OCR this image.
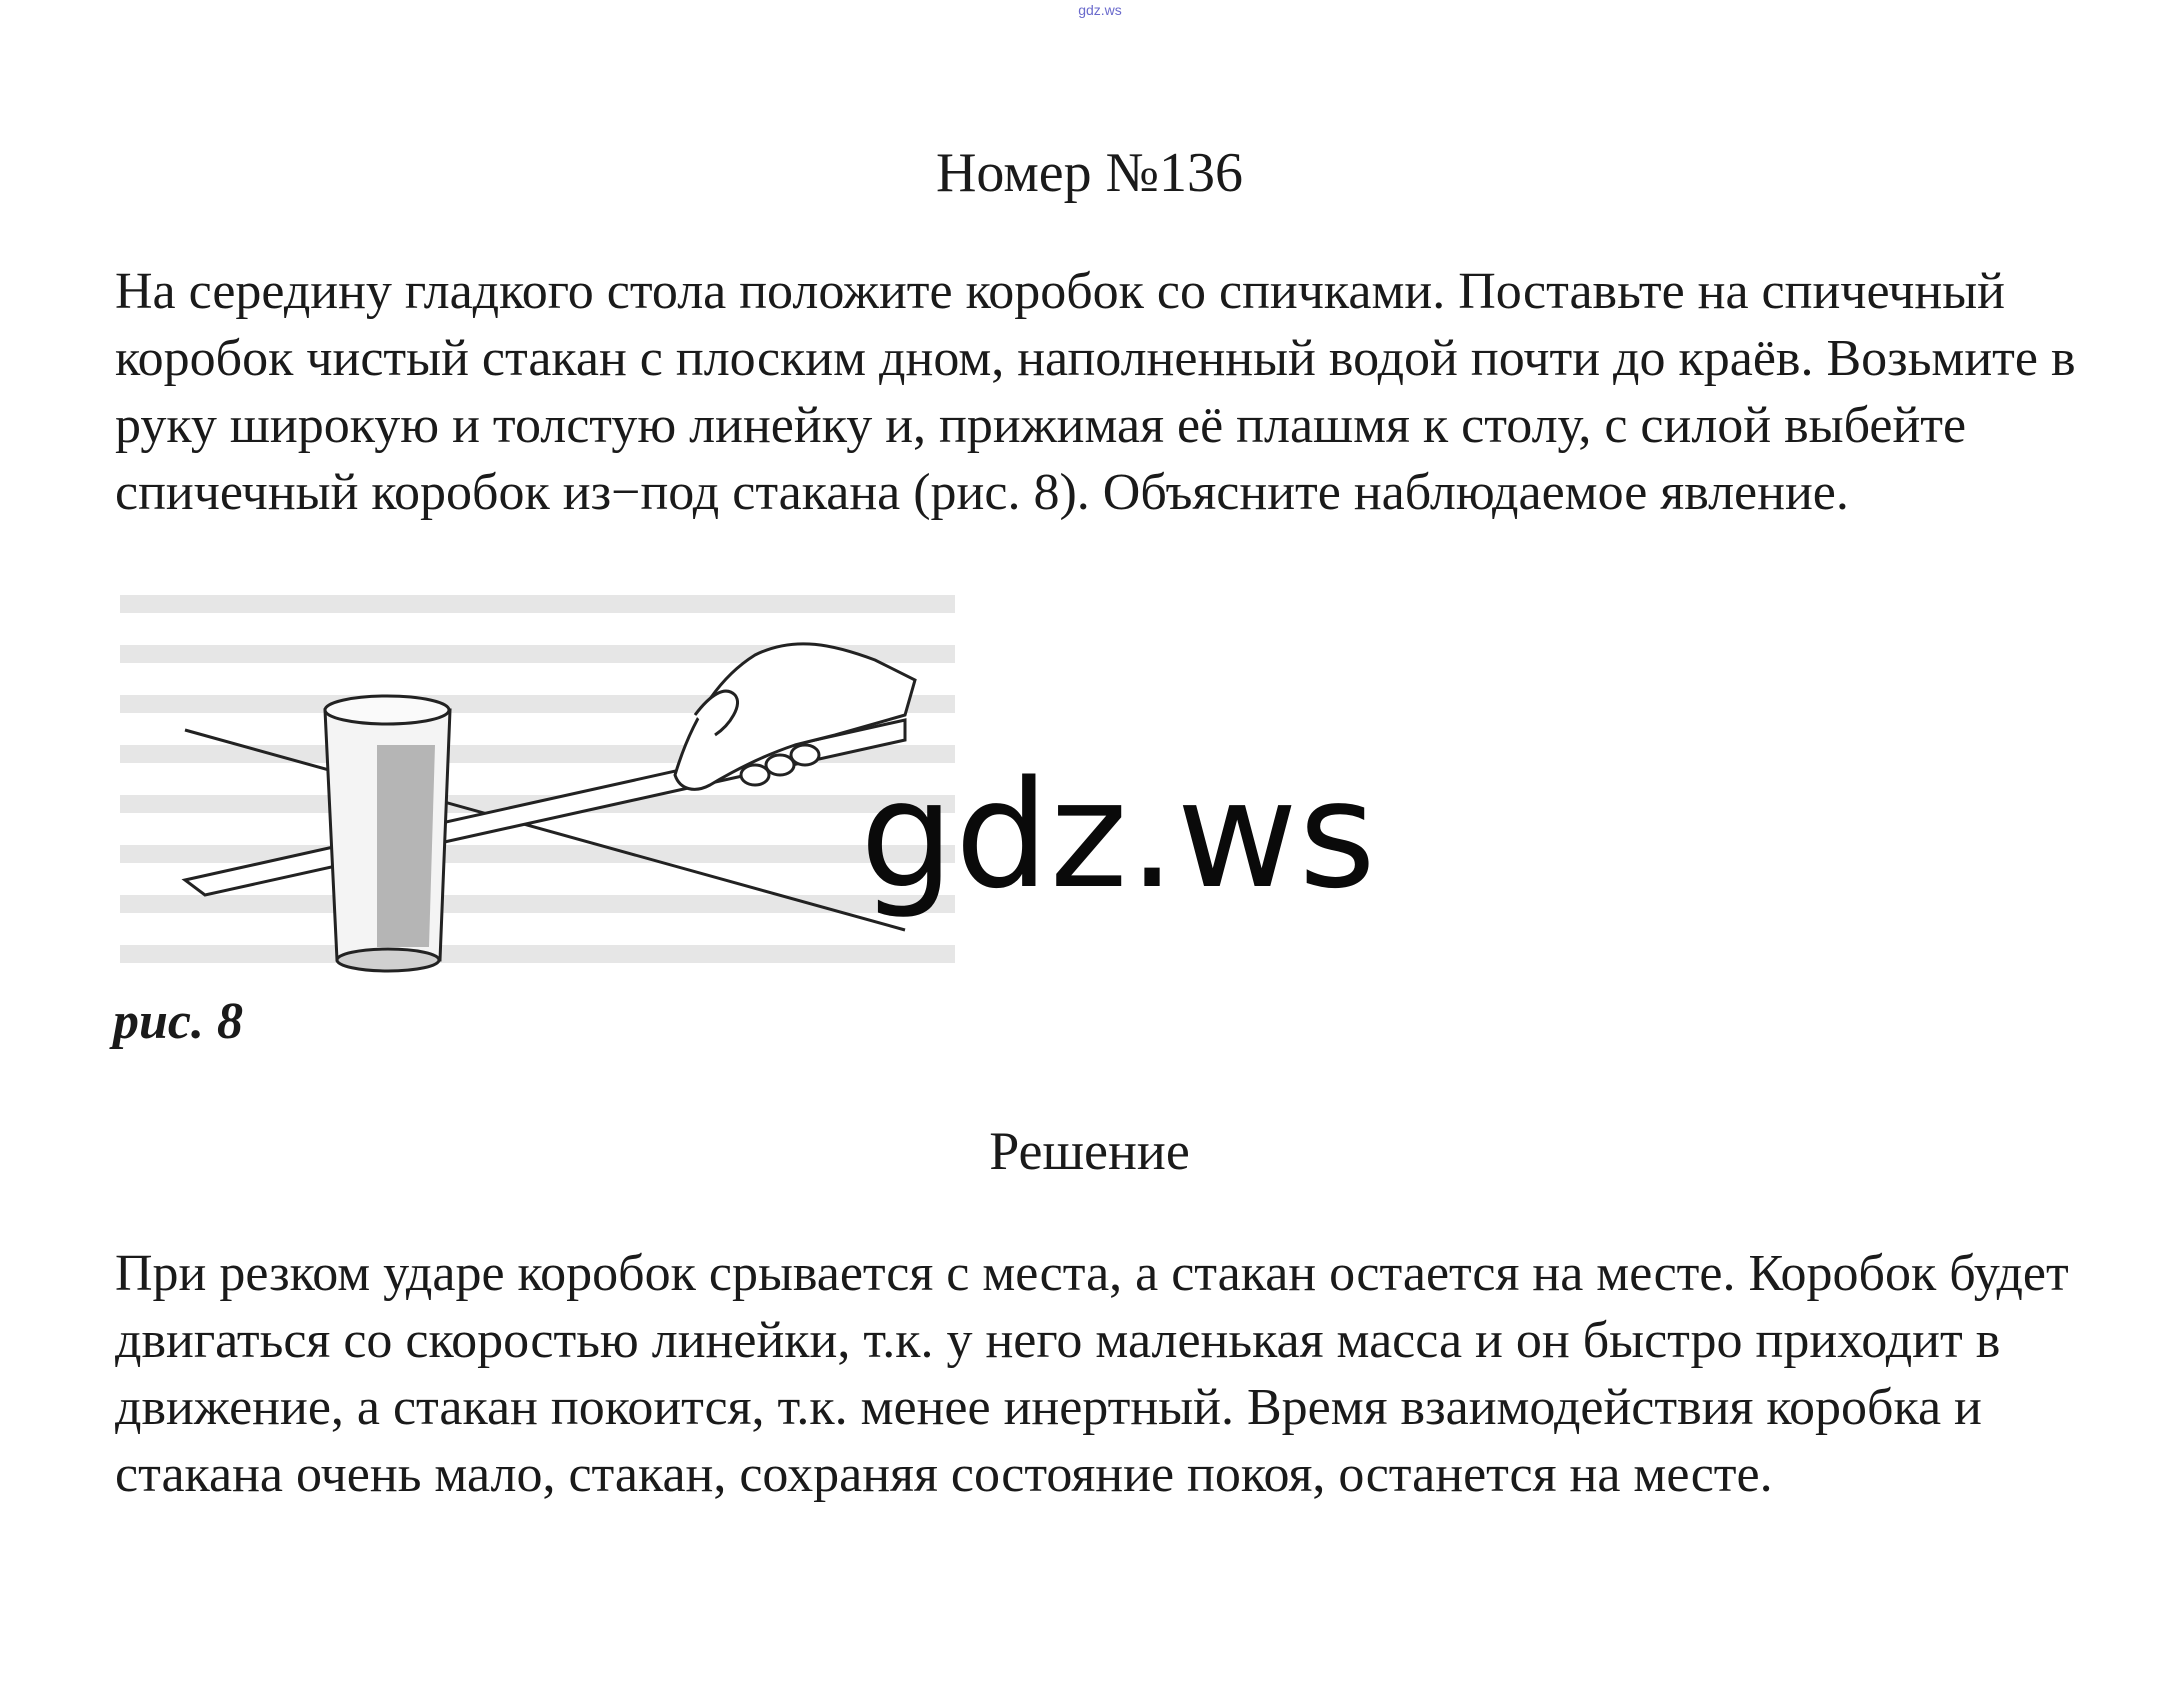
gdz.ws
Номер №136

На середину гладкого стола положите коробок со спичками. Поставьте на спичечный коробок чистый стакан с плоским дном, наполненный водой почти до краёв. Возьмите в руку широкую и толстую линейку и, прижимая её плашмя к столу, с силой выбейте спичечный коробок из−под стакана (рис. 8). Объясните наблюдаемое явление.

рис. 8
Решение

При резком ударе коробок срывается с места, а стакан остается на месте. Коробок будет двигаться со скоростью линейки, т.к. у него маленькая масса и он быстро приходит в движение, а стакан покоится, т.к. менее инертный. Время взаимодействия коробка и стакана очень мало, стакан, сохраняя состояние покоя, останется на месте.

gdz.ws
